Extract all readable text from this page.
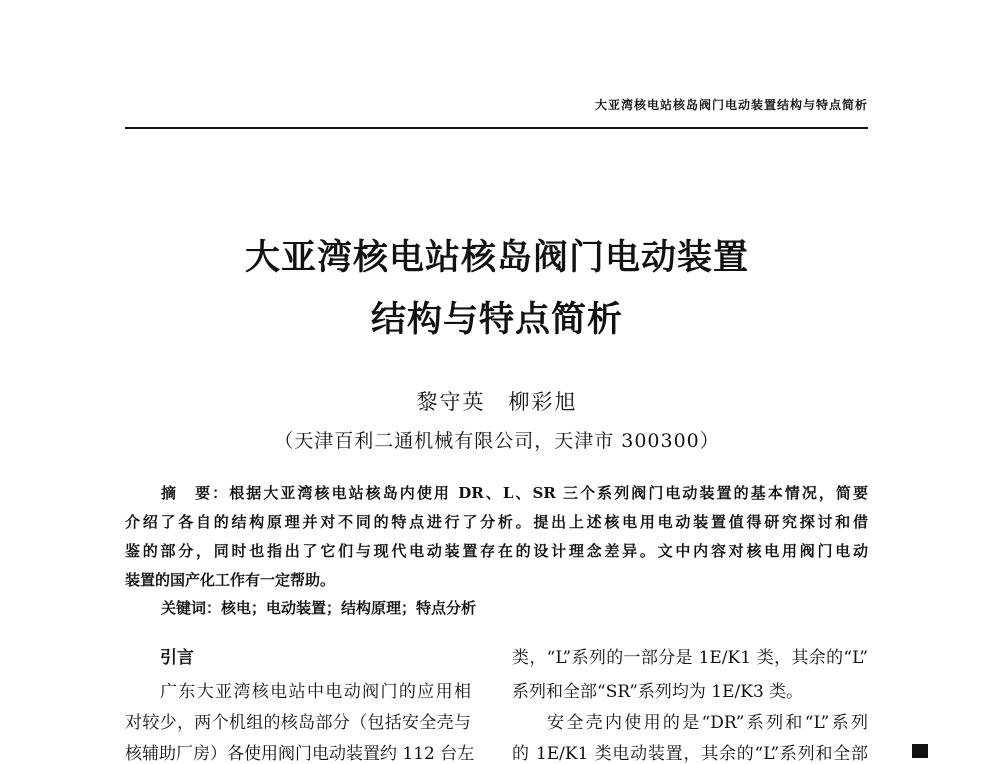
大亚湾核电站核岛阀门电动装置结构与特点简析
大亚湾核电站核岛阀门电动装置
结构与特点简析
黎守英　柳彩旭
（天津百利二通机械有限公司，天津市 300300）
摘　要：根据大亚湾核电站核岛内使用 DR、L、SR 三个系列阀门电动装置的基本情况，简要
介绍了各自的结构原理并对不同的特点进行了分析。提出上述核电用电动装置值得研究探讨和借
鉴的部分，同时也指出了它们与现代电动装置存在的设计理念差异。文中内容对核电用阀门电动
装置的国产化工作有一定帮助。
关键词：核电；电动装置；结构原理；特点分析
引言
广东大亚湾核电站中电动阀门的应用相
对较少，两个机组的核岛部分（包括安全壳与
核辅助厂房）各使用阀门电动装置约 112 台左
类，“L”系列的一部分是 1E/K1 类，其余的“L”
系列和全部“SR”系列均为 1E/K3 类。
安全壳内使用的是“DR”系列和“L”系列
的 1E/K1 类电动装置，其余的“L”系列和全部
